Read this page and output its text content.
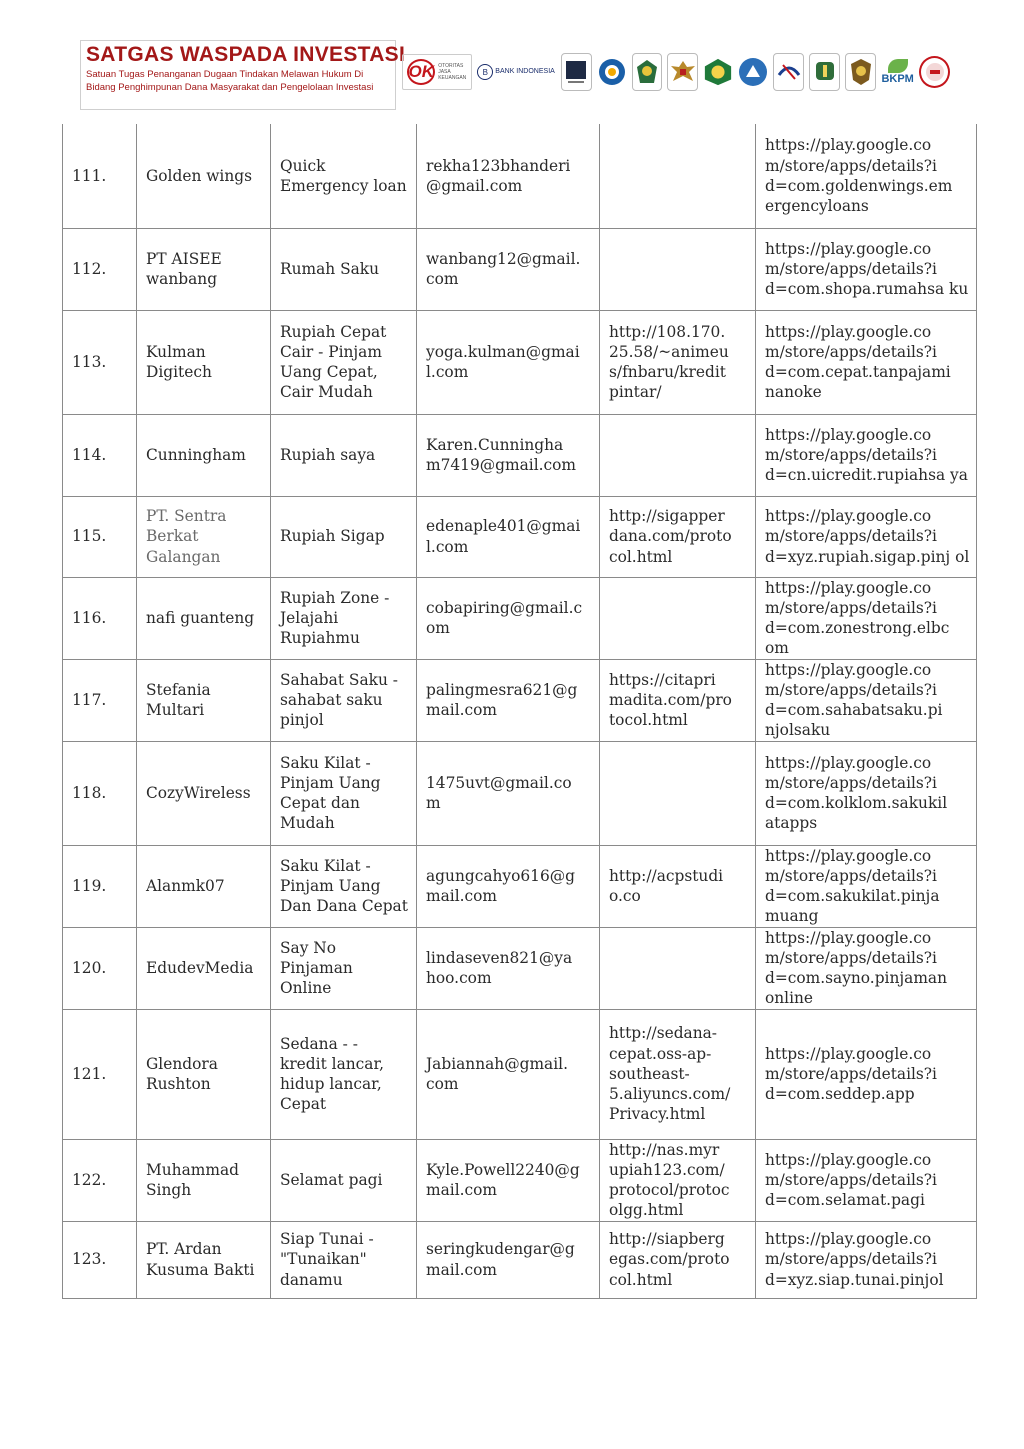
SATGAS WASPADA INVESTASI
Satuan Tugas Penanganan Dugaan Tindakan Melawan Hukum Di Bidang Penghimpunan Dana Masyarakat dan Pengelolaan Investasi
OK OTORITAS
JASA
KEUANGAN
B	BANK INDONESIA
BKPM
111.	Golden wings	Quick Emergency loan	rekha123bhanderi @gmail.com		https://play.google.co m/store/apps/details?i d=com.goldenwings.em ergencyloans
112.	PT AISEE wanbang	Rumah Saku	wanbang12@gmail. com		https://play.google.co m/store/apps/details?i d=com.shopa.rumahsa ku
113.	Kulman Digitech	Rupiah Cepat Cair - Pinjam Uang Cepat, Cair Mudah	yoga.kulman@gmai l.com	http://108.170. 25.58/~animeu s/fnbaru/kredit pintar/	https://play.google.co m/store/apps/details?i d=com.cepat.tanpajami nanoke
114.	Cunningham	Rupiah saya	Karen.Cunningha m7419@gmail.com		https://play.google.co m/store/apps/details?i d=cn.uicredit.rupiahsa ya
115.	PT. Sentra Berkat Galangan	Rupiah Sigap	edenaple401@gmai l.com	http://sigapper dana.com/proto col.html	https://play.google.co m/store/apps/details?i d=xyz.rupiah.sigap.pinj ol
116.	nafi guanteng	Rupiah Zone - Jelajahi Rupiahmu	cobapiring@gmail.c om		https://play.google.co m/store/apps/details?i d=com.zonestrong.elbc om
117.	Stefania Multari	Sahabat Saku - sahabat saku pinjol	palingmesra621@g mail.com	https://citapri madita.com/pro tocol.html	https://play.google.co m/store/apps/details?i d=com.sahabatsaku.pi njolsaku
118.	CozyWireless	Saku Kilat - Pinjam Uang Cepat dan Mudah	1475uvt@gmail.co m		https://play.google.co m/store/apps/details?i d=com.kolklom.sakukil atapps
119.	Alanmk07	Saku Kilat - Pinjam Uang Dan Dana Cepat	agungcahyo616@g mail.com	http://acpstudi o.co	https://play.google.co m/store/apps/details?i d=com.sakukilat.pinja muang
120.	EdudevMedia	Say No Pinjaman Online	lindaseven821@ya hoo.com		https://play.google.co m/store/apps/details?i d=com.sayno.pinjaman online
121.	Glendora Rushton	Sedana - - kredit lancar, hidup lancar, Cepat	Jabiannah@gmail. com	http://sedana- cepat.oss-ap- southeast- 5.aliyuncs.com/ Privacy.html	https://play.google.co m/store/apps/details?i d=com.seddep.app
122.	Muhammad Singh	Selamat pagi	Kyle.Powell2240@g mail.com	http://nas.myr upiah123.com/ protocol/protoc olgg.html	https://play.google.co m/store/apps/details?i d=com.selamat.pagi
123.	PT. Ardan Kusuma Bakti	Siap Tunai - "Tunaikan" danamu	seringkudengar@g mail.com	http://siapberg egas.com/proto col.html	https://play.google.co m/store/apps/details?i d=xyz.siap.tunai.pinjol
